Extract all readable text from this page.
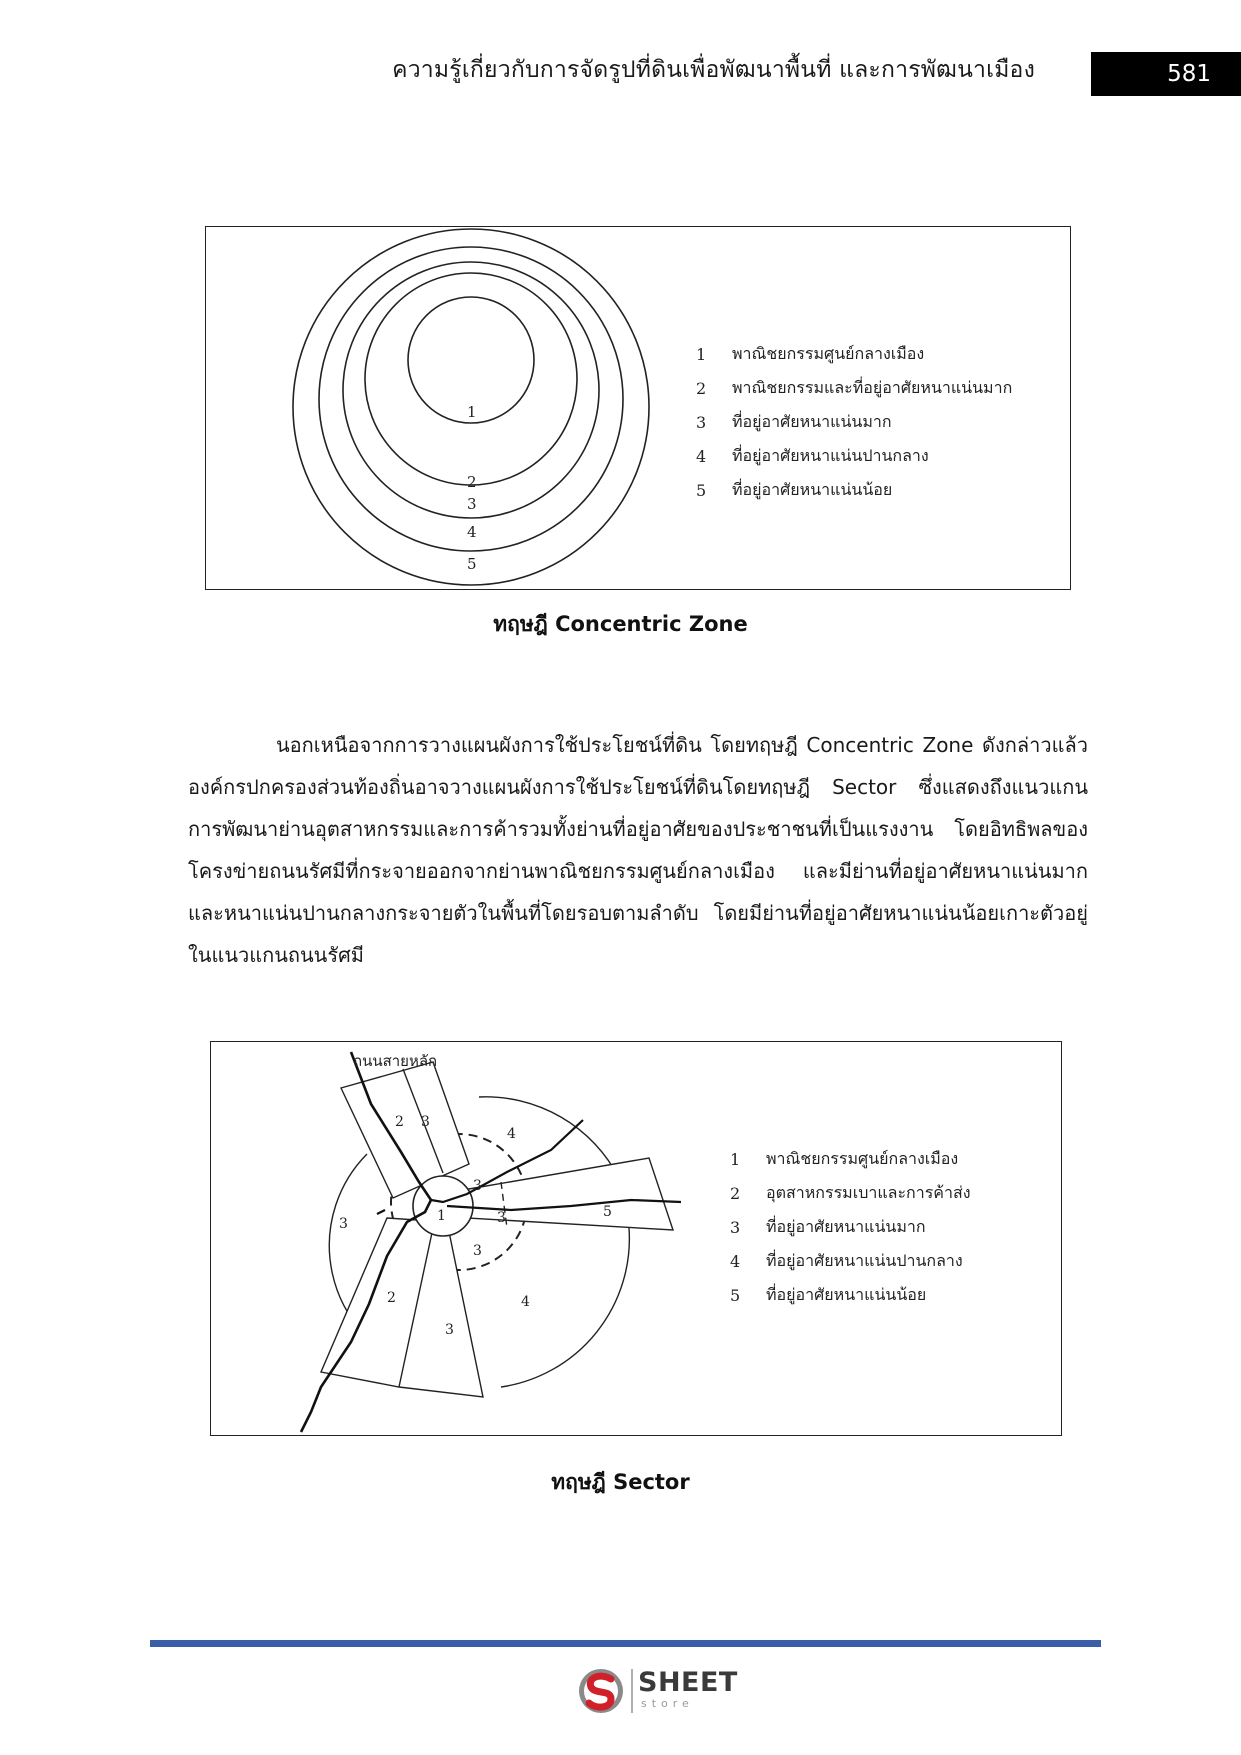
ความรู้เกี่ยวกับการจัดรูปที่ดินเพื่อพัฒนาพื้นที่ และการพัฒนาเมือง	581
1
2
3
4
5
1	พาณิชยกรรมศูนย์กลางเมือง
2	พาณิชยกรรมและที่อยู่อาศัยหนาแน่นมาก
3	ที่อยู่อาศัยหนาแน่นมาก
4	ที่อยู่อาศัยหนาแน่นปานกลาง
5	ที่อยู่อาศัยหนาแน่นน้อย
ทฤษฎี Concentric Zone
นอกเหนือจากการวางแผนผังการใช้ประโยชน์ที่ดิน โดยทฤษฎี Concentric Zone ดังกล่าวแล้วองค์กรปกครองส่วนท้องถิ่นอาจวางแผนผังการใช้ประโยชน์ที่ดินโดยทฤษฎี Sector ซึ่งแสดงถึงแนวแกนการพัฒนาย่านอุตสาหกรรมและการค้ารวมทั้งย่านที่อยู่อาศัยของประชาชนที่เป็นแรงงาน โดยอิทธิพลของโครงข่ายถนนรัศมีที่กระจายออกจากย่านพาณิชยกรรมศูนย์กลางเมือง และมีย่านที่อยู่อาศัยหนาแน่นมากและหนาแน่นปานกลางกระจายตัวในพื้นที่โดยรอบตามลำดับ โดยมีย่านที่อยู่อาศัยหนาแน่นน้อยเกาะตัวอยู่ในแนวแกนถนนรัศมี
ถนนสายหลัก
1
2 3
4
3
3	3	5
3
4
2
3
1	พาณิชยกรรมศูนย์กลางเมือง
2	อุตสาหกรรมเบาและการค้าส่ง
3	ที่อยู่อาศัยหนาแน่นมาก
4	ที่อยู่อาศัยหนาแน่นปานกลาง
5	ที่อยู่อาศัยหนาแน่นน้อย
ทฤษฎี Sector
SHEET
store
